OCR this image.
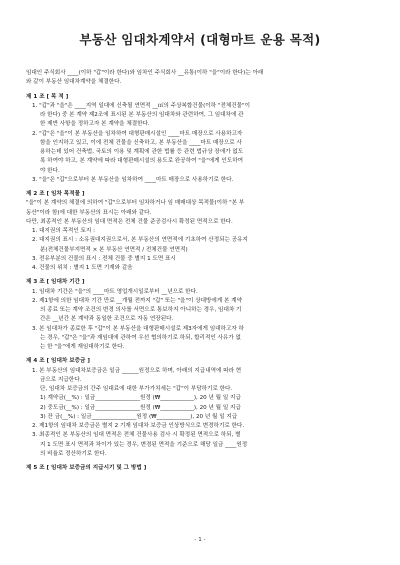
부동산 임대차계약서 (대형마트 운용 목적)
임대인 주식회사 ____(이하 "갑"이라 한다)와 임차인 주식회사 __유통(이하 "을"이라 한다)는 아래
와 같이 부동산 임대차계약을 체결한다.
제 1 조 [ 목 적 ]
1. "갑"과 "을"은 ____지역 일대에 신축될 연면적 __㎡의 주상복합건물(이하 "전체건물"이
라 한다) 중 본 계약 제2조에 표시된 본 부동산의 임대차와 관련하여, 그 임대차에 관
한 제반 사항을 정하고자 본 계약을 체결한다.
2. "갑"은 "을"이 본 부동산을 임차하여 대형판매시설인 ____마트 매장으로 사용하고자
함을 인지하고 있고, 이에 전체 건물을 신축하고, 본 부동산을 ____마트 매장으로 사
용하는데 있어 건축법, 국토의 이용 및 계획에 관한 법률 등 관련 법규상 장애가 없도
록 하여야 하고, 본 계약에 따라 대형판매시설의 용도로 완공하여 "을"에게 인도하여
야 한다.
3. "을"은 "갑"으로부터 본 부동산을 임차하여 ____마트 매장으로 사용하기로 한다.
제 2 조 [ 임차 목적물 ]
"을"이 본 계약의 체결에 의하여 "갑"으로부터 임차하거나 임 매매대상 목적물(이하 "본 부
동산"이라 함)에 대한 부동산의 표시는 아래와 같다.
다만, 최종적인 본 부동산의 임대 면적은 전체 건물 준공검사시 확정된 면적으로 한다.
1. 대지권의 목적인 토지 :
2. 대지권의 표시 : 소유권대지권으로서, 본 부동산의 연면적에 기초하여 산정되는 공유지
분(전체건물부지면적 × 본 부동산 연면적 / 전체건물 연면적)
3. 전유부분의 건물의 표시 : 전체 건물 중 별지 1 도면 표시
4. 건물의 위치 : 별지 1 도면 기재와 같음
제 3 조 [ 임대차 기간 ]
1. 임대차 기간은 "을"의 ____마트 영업개시일로부터 __년으로 한다.
2. 제1항에 의한 임대차 기간 만료 __개월 전까지 "갑" 또는 "을"이 상대방에게 본 계약
의 종료 또는 계약 조건의 변경 의사를 서면으로 통보하지 아니하는 경우, 임대차 기
간은 __년간 본 계약과 동일한 조건으로 자동 연장된다.
3. 본 임대차가 종료한 후 "갑"이 본 부동산을 대형판매시설로 제3자에게 임대하고자 하
는 경우, "갑"은 "을"과 재임대에 관하여 우선 협의하기로 하되, 합리적인 사유가 없
는 한 "을"에게 재임대하기로 한다.
제 4 조 [ 임대차 보증금 ]
1. 본 부동산의 임대차보증금은 일금 ______원정으로 하며, 아래의 지급내역에 따라 현
금으로 지급한다.
단, 임대차 보증금의 간주 임대료에 대한 부가가치세는 "갑"이 부담하기로 한다.
1) 계약금(__%) : 일금________________원정 (₩____________), 20 년 월 일 지급
2) 중도금(__%) : 일금________________원정 (₩____________), 20 년 월 일 지급
3) 잔 금(__%) : 일금________________원정 (₩____________), 20 년 월 일 지급
2. 제1항의 임대차 보증금은 별지 2 기재 임대차 보증금 인상방식으로 변경하기로 한다.
3. 최종적인 본 부동산의 임대 면적은 전체 건물사용 검사 시 확정된 면적으로 하되, 별
지 1 도면 표시 면적과 차이가 있는 경우, 변경된 면적을 기준으로 해당 일금 ____원정
의 비율로 정산하기로 한다.
제 5 조 [ 임대차 보증금의 지급시기 및 그 방법 ]
- 1 -
